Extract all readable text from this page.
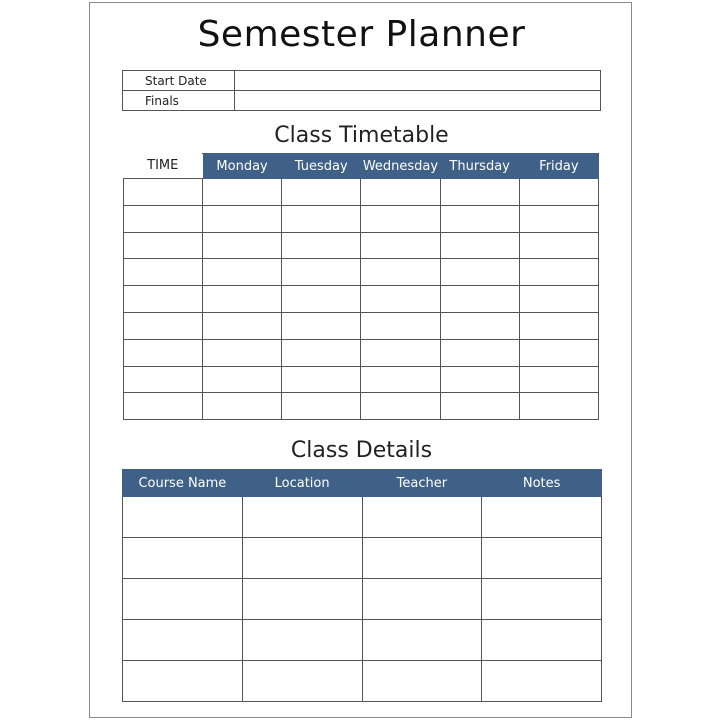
Semester Planner
Start Date	
Finals	
Class Timetable
TIME	Monday	Tuesday	Wednesday	Thursday	Friday

Class Details
Course Name	Location	Teacher	Notes
